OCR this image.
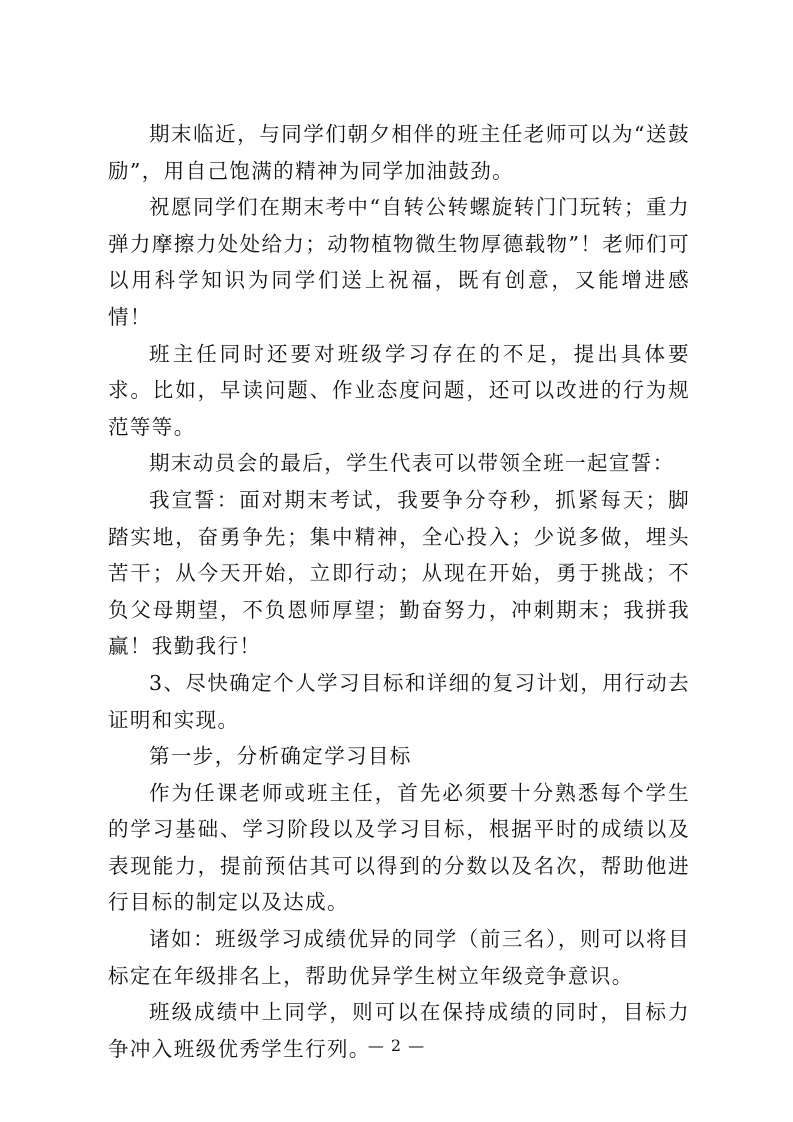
期末临近，与同学们朝夕相伴的班主任老师可以为“送鼓励”，用自己饱满的精神为同学加油鼓劲。

祝愿同学们在期末考中“自转公转螺旋转门门玩转；重力弹力摩擦力处处给力；动物植物微生物厚德载物”！老师们可以用科学知识为同学们送上祝福，既有创意，又能增进感情！

班主任同时还要对班级学习存在的不足，提出具体要求。比如，早读问题、作业态度问题，还可以改进的行为规范等等。

期末动员会的最后，学生代表可以带领全班一起宣誓：

我宣誓：面对期末考试，我要争分夺秒，抓紧每天；脚踏实地，奋勇争先；集中精神，全心投入；少说多做，埋头苦干；从今天开始，立即行动；从现在开始，勇于挑战；不负父母期望，不负恩师厚望；勤奋努力，冲刺期末；我拼我赢！我勤我行！

3、尽快确定个人学习目标和详细的复习计划，用行动去证明和实现。

第一步，分析确定学习目标

作为任课老师或班主任，首先必须要十分熟悉每个学生的学习基础、学习阶段以及学习目标，根据平时的成绩以及表现能力，提前预估其可以得到的分数以及名次，帮助他进行目标的制定以及达成。

诸如：班级学习成绩优异的同学（前三名），则可以将目标定在年级排名上，帮助优异学生树立年级竞争意识。

班级成绩中上同学，则可以在保持成绩的同时，目标力争冲入班级优秀学生行列。

— 2 —
